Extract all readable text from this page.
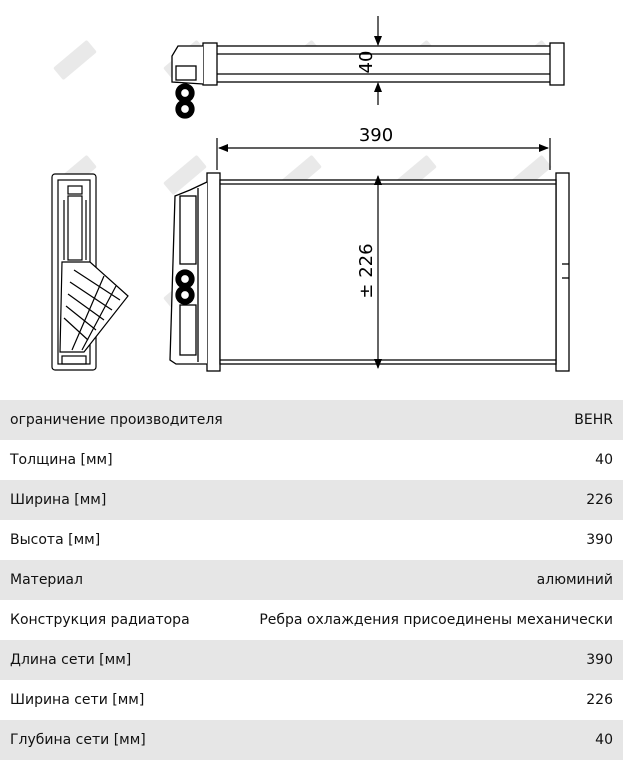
40
390
± 226
ограничение производителя	BEHR
Толщина [мм]	40
Ширина [мм]	226
Высота [мм]	390
Материал	алюминий
Конструкция радиатора	Ребра охлаждения присоединены механически
Длина сети [мм]	390
Ширина сети [мм]	226
Глубина сети [мм]	40
